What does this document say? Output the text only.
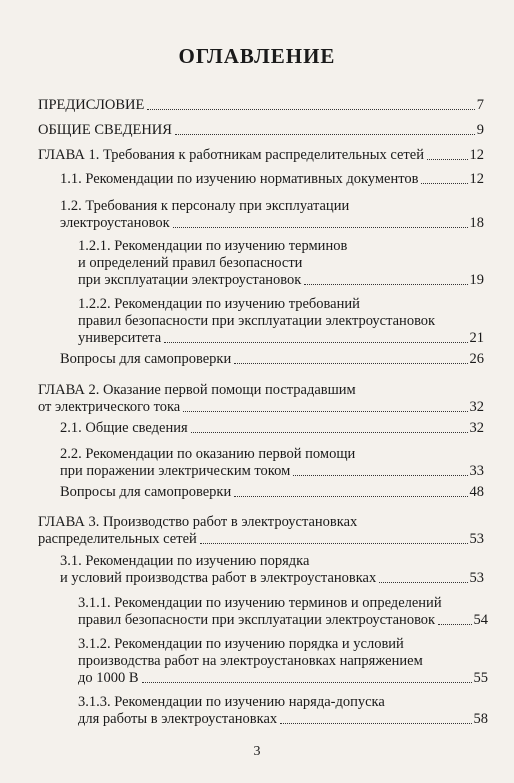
ОГЛАВЛЕНИЕ
ПРЕДИСЛОВИЕ	7
ОБЩИЕ СВЕДЕНИЯ	9
ГЛАВА 1. Требования к работникам распределительных сетей	12
1.1. Рекомендации по изучению нормативных документов	12
1.2. Требования к персоналу при эксплуатации
электроустановок	18
1.2.1. Рекомендации по изучению терминов
и определений правил безопасности
при эксплуатации электроустановок	19
1.2.2. Рекомендации по изучению требований
правил безопасности при эксплуатации электроустановок
университета	21
Вопросы для самопроверки	26
ГЛАВА 2. Оказание первой помощи пострадавшим
от электрического тока	32
2.1. Общие сведения	32
2.2. Рекомендации по оказанию первой помощи
при поражении электрическим током	33
Вопросы для самопроверки	48
ГЛАВА 3. Производство работ в электроустановках
распределительных сетей	53
3.1. Рекомендации по изучению порядка
и условий производства работ в электроустановках	53
3.1.1. Рекомендации по изучению терминов и определений
правил безопасности при эксплуатации электроустановок	54
3.1.2. Рекомендации по изучению порядка и условий
производства работ на электроустановках напряжением
до 1000 В	55
3.1.3. Рекомендации по изучению наряда-допуска
для работы в электроустановках	58
3
